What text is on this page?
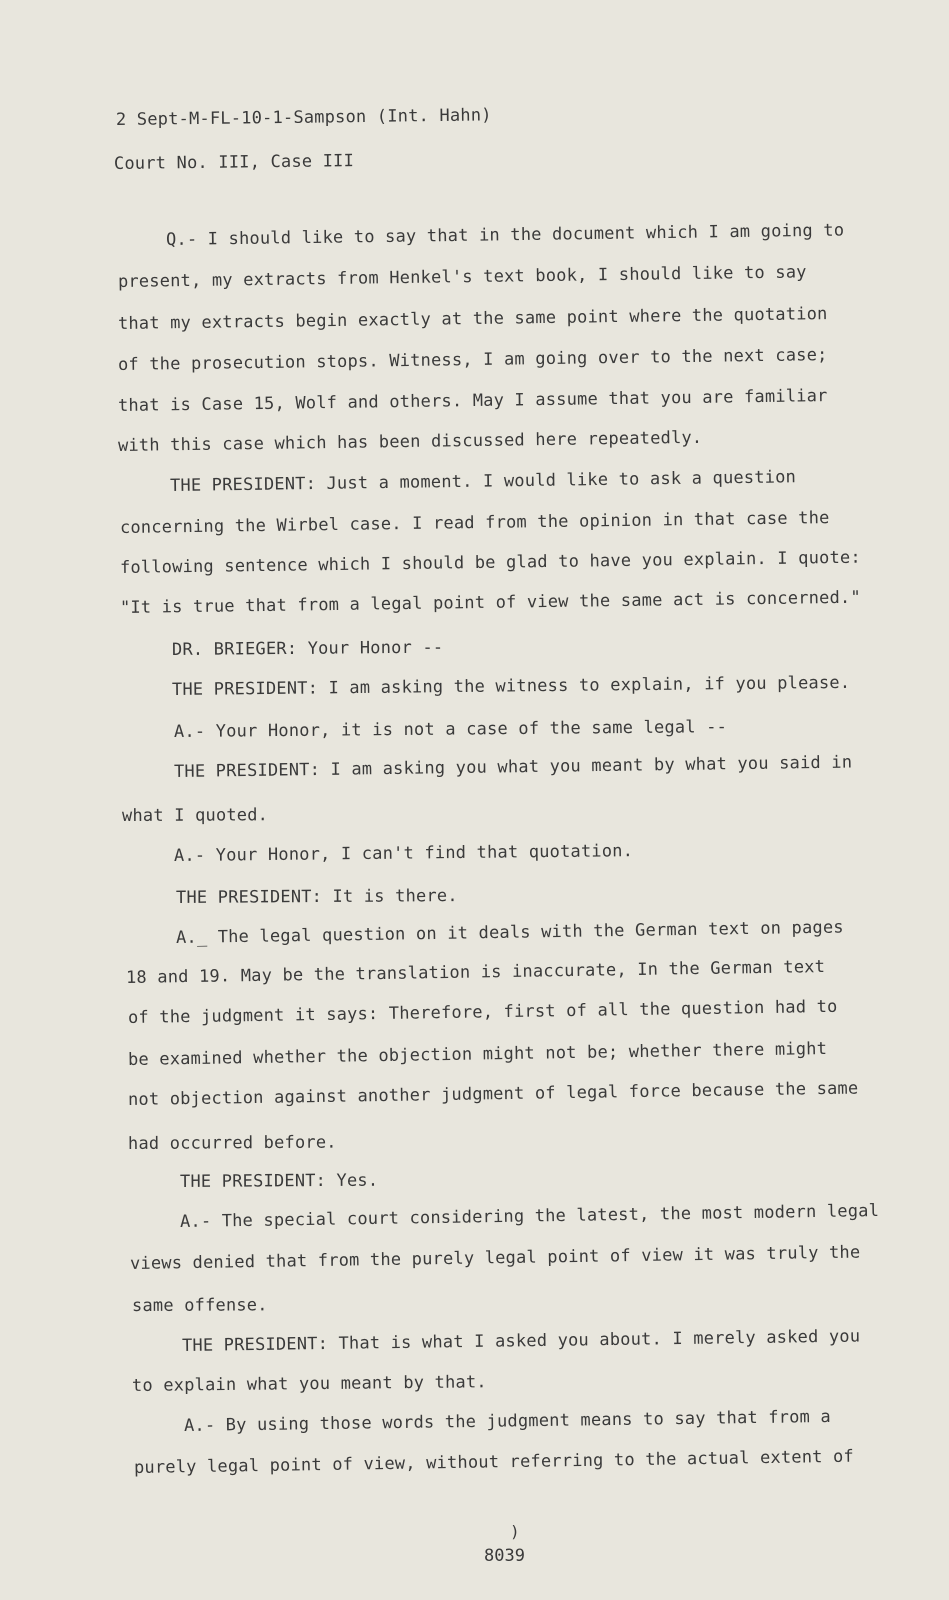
2 Sept-M-FL-10-1-Sampson (Int. Hahn)
Court No. III, Case III
Q.- I should like to say that in the document which I am going to
present, my extracts from Henkel's text book, I should like to say
that my extracts begin exactly at the same point where the quotation
of the prosecution stops. Witness, I am going over to the next case;
that is Case 15, Wolf and others. May I assume that you are familiar
with this case which has been discussed here repeatedly.
THE PRESIDENT: Just a moment. I would like to ask a question
concerning the Wirbel case. I read from the opinion in that case the
following sentence which I should be glad to have you explain. I quote:
"It is true that from a legal point of view the same act is concerned."
DR. BRIEGER: Your Honor --
THE PRESIDENT: I am asking the witness to explain, if you please.
A.- Your Honor, it is not a case of the same legal --
THE PRESIDENT: I am asking you what you meant by what you said in
what I quoted.
A.- Your Honor, I can't find that quotation.
THE PRESIDENT: It is there.
A._ The legal question on it deals with the German text on pages
18 and 19. May be the translation is inaccurate, In the German text
of the judgment it says: Therefore, first of all the question had to
be examined whether the objection might not be; whether there might
not objection against another judgment of legal force because the same
had occurred before.
THE PRESIDENT: Yes.
A.- The special court considering the latest, the most modern legal
views denied that from the purely legal point of view it was truly the
same offense.
THE PRESIDENT: That is what I asked you about. I merely asked you
to explain what you meant by that.
A.- By using those words the judgment means to say that from a
purely legal point of view, without referring to the actual extent of
)
8039
